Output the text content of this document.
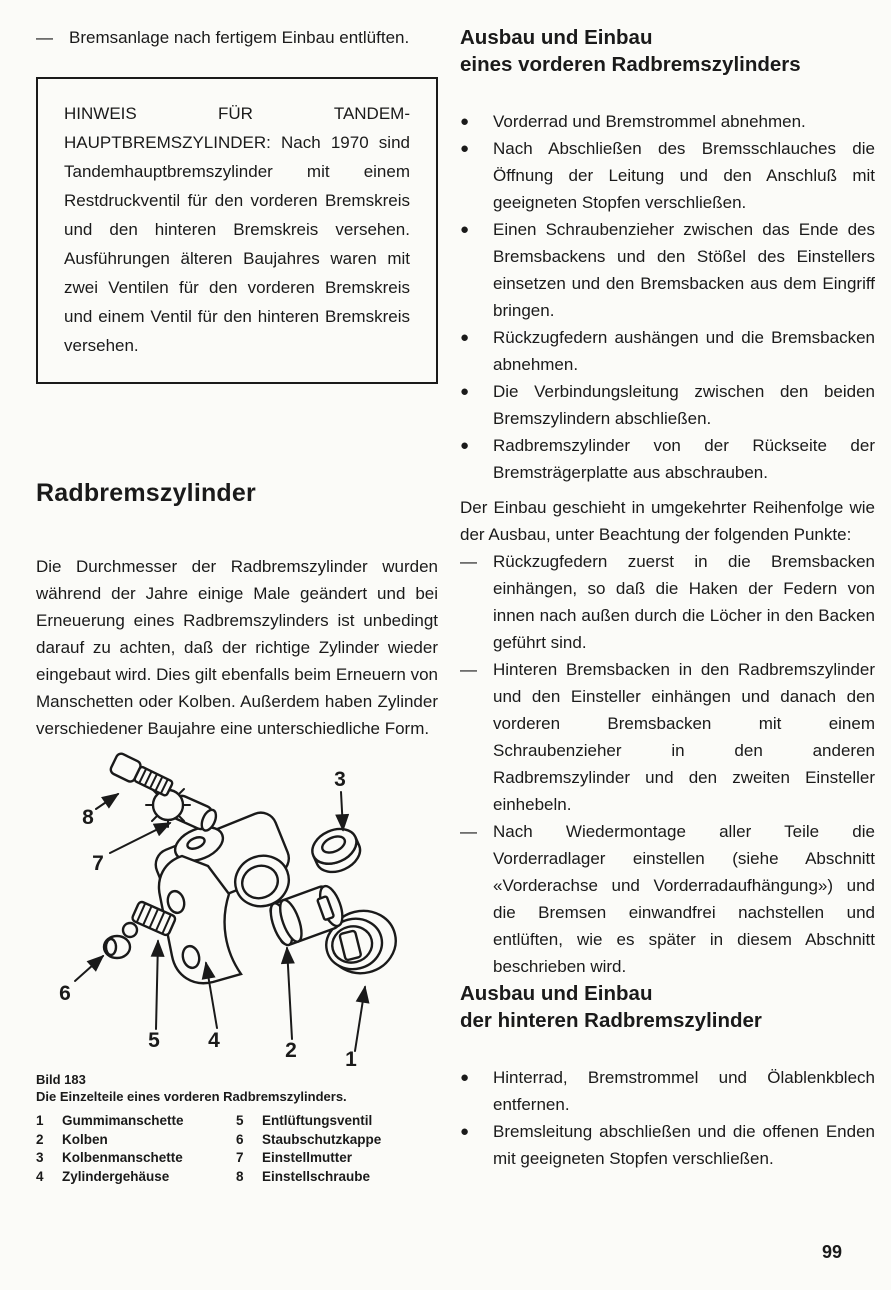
— Bremsanlage nach fertigem Einbau entlüften.

HINWEIS FÜR TANDEM-HAUPTBREMSZYLINDER: Nach 1970 sind Tandemhauptbremszylinder mit einem Restdruckventil für den vorderen Bremskreis und den hinteren Bremskreis versehen. Ausführungen älteren Baujahres waren mit zwei Ventilen für den vorderen Bremskreis und einem Ventil für den hinteren Bremskreis versehen.

Radbremszylinder

Die Durchmesser der Radbremszylinder wurden während der Jahre einige Male geändert und bei Erneuerung eines Radbremszylinders ist unbedingt darauf zu achten, daß der richtige Zylinder wieder eingebaut wird. Dies gilt ebenfalls beim Erneuern von Manschetten oder Kolben. Außerdem haben Zylinder verschiedener Baujahre eine unterschiedliche Form.

8
7
3
6
5 4	2 1
Bild 183
Die Einzelteile eines vorderen Radbremszylinders.
1	Gummimanschette
2	Kolben
3	Kolbenmanschette
4	Zylindergehäuse
5	Entlüftungsventil
6	Staubschutzkappe
7	Einstellmutter
8	Einstellschraube
Ausbau und Einbau
eines vorderen Radbremszylinders
●	Vorderrad und Bremstrommel abnehmen.

●	Nach Abschließen des Bremsschlauches die Öffnung der Leitung und den Anschluß mit geeigneten Stopfen verschließen.

●	Einen Schraubenzieher zwischen das Ende des Bremsbackens und den Stößel des Einstellers einsetzen und den Bremsbacken aus dem Eingriff bringen.

●	Rückzugfedern aushängen und die Bremsbacken abnehmen.

●	Die Verbindungsleitung zwischen den beiden Bremszylindern abschließen.

●	Radbremszylinder von der Rückseite der Bremsträgerplatte aus abschrauben.

Der Einbau geschieht in umgekehrter Reihenfolge wie der Ausbau, unter Beachtung der folgenden Punkte:

— Rückzugfedern zuerst in die Bremsbacken einhängen, so daß die Haken der Federn von innen nach außen durch die Löcher in den Backen geführt sind.

— Hinteren Bremsbacken in den Radbremszylinder und den Einsteller einhängen und danach den vorderen Bremsbacken mit einem Schraubenzieher in den anderen Radbremszylinder und den zweiten Einsteller einhebeln.

— Nach Wiedermontage aller Teile die Vorderradlager einstellen (siehe Abschnitt «Vorderachse und Vorderradaufhängung») und die Bremsen einwandfrei nachstellen und entlüften, wie es später in diesem Abschnitt beschrieben wird.

Ausbau und Einbau
der hinteren Radbremszylinder
●	Hinterrad, Bremstrommel und Ölablenkblech entfernen.

●	Bremsleitung abschließen und die offenen Enden mit geeigneten Stopfen verschließen.

99
